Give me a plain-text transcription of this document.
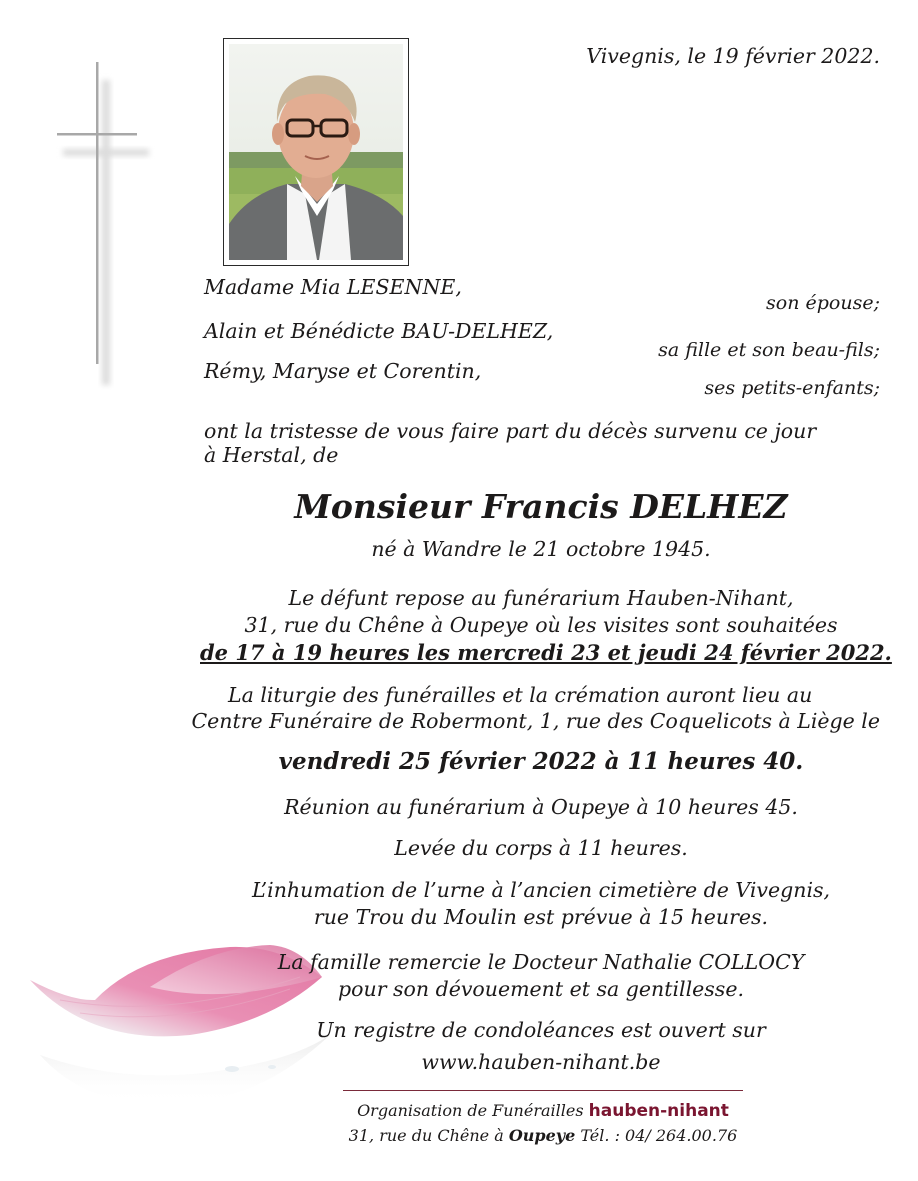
Vivegnis, le 19 février 2022.
Madame Mia LESENNE,
son épouse;
Alain et Bénédicte BAU-DELHEZ,
sa fille et son beau-fils;
Rémy, Maryse et Corentin,
ses petits-enfants;
ont la tristesse de vous faire part du décès survenu ce jour
à Herstal, de
Monsieur Francis DELHEZ
né à Wandre le 21 octobre 1945.
Le défunt repose au funérarium Hauben-Nihant,
31, rue du Chêne à Oupeye où les visites sont souhaitées
de 17 à 19 heures les mercredi 23 et jeudi 24 février 2022.
La liturgie des funérailles et la crémation auront lieu au
Centre Funéraire de Robermont, 1, rue des Coquelicots à Liège le
vendredi 25 février 2022 à 11 heures 40.
Réunion au funérarium à Oupeye à 10 heures 45.
Levée du corps à 11 heures.
L’inhumation de l’urne à l’ancien cimetière de Vivegnis,
rue Trou du Moulin est prévue à 15 heures.
La famille remercie le Docteur Nathalie COLLOCY
pour son dévouement et sa gentillesse.
Un registre de condoléances est ouvert sur
www.hauben-nihant.be
Organisation de Funérailles hauben-nihant
31, rue du Chêne à Oupeye Tél. : 04/ 264.00.76
